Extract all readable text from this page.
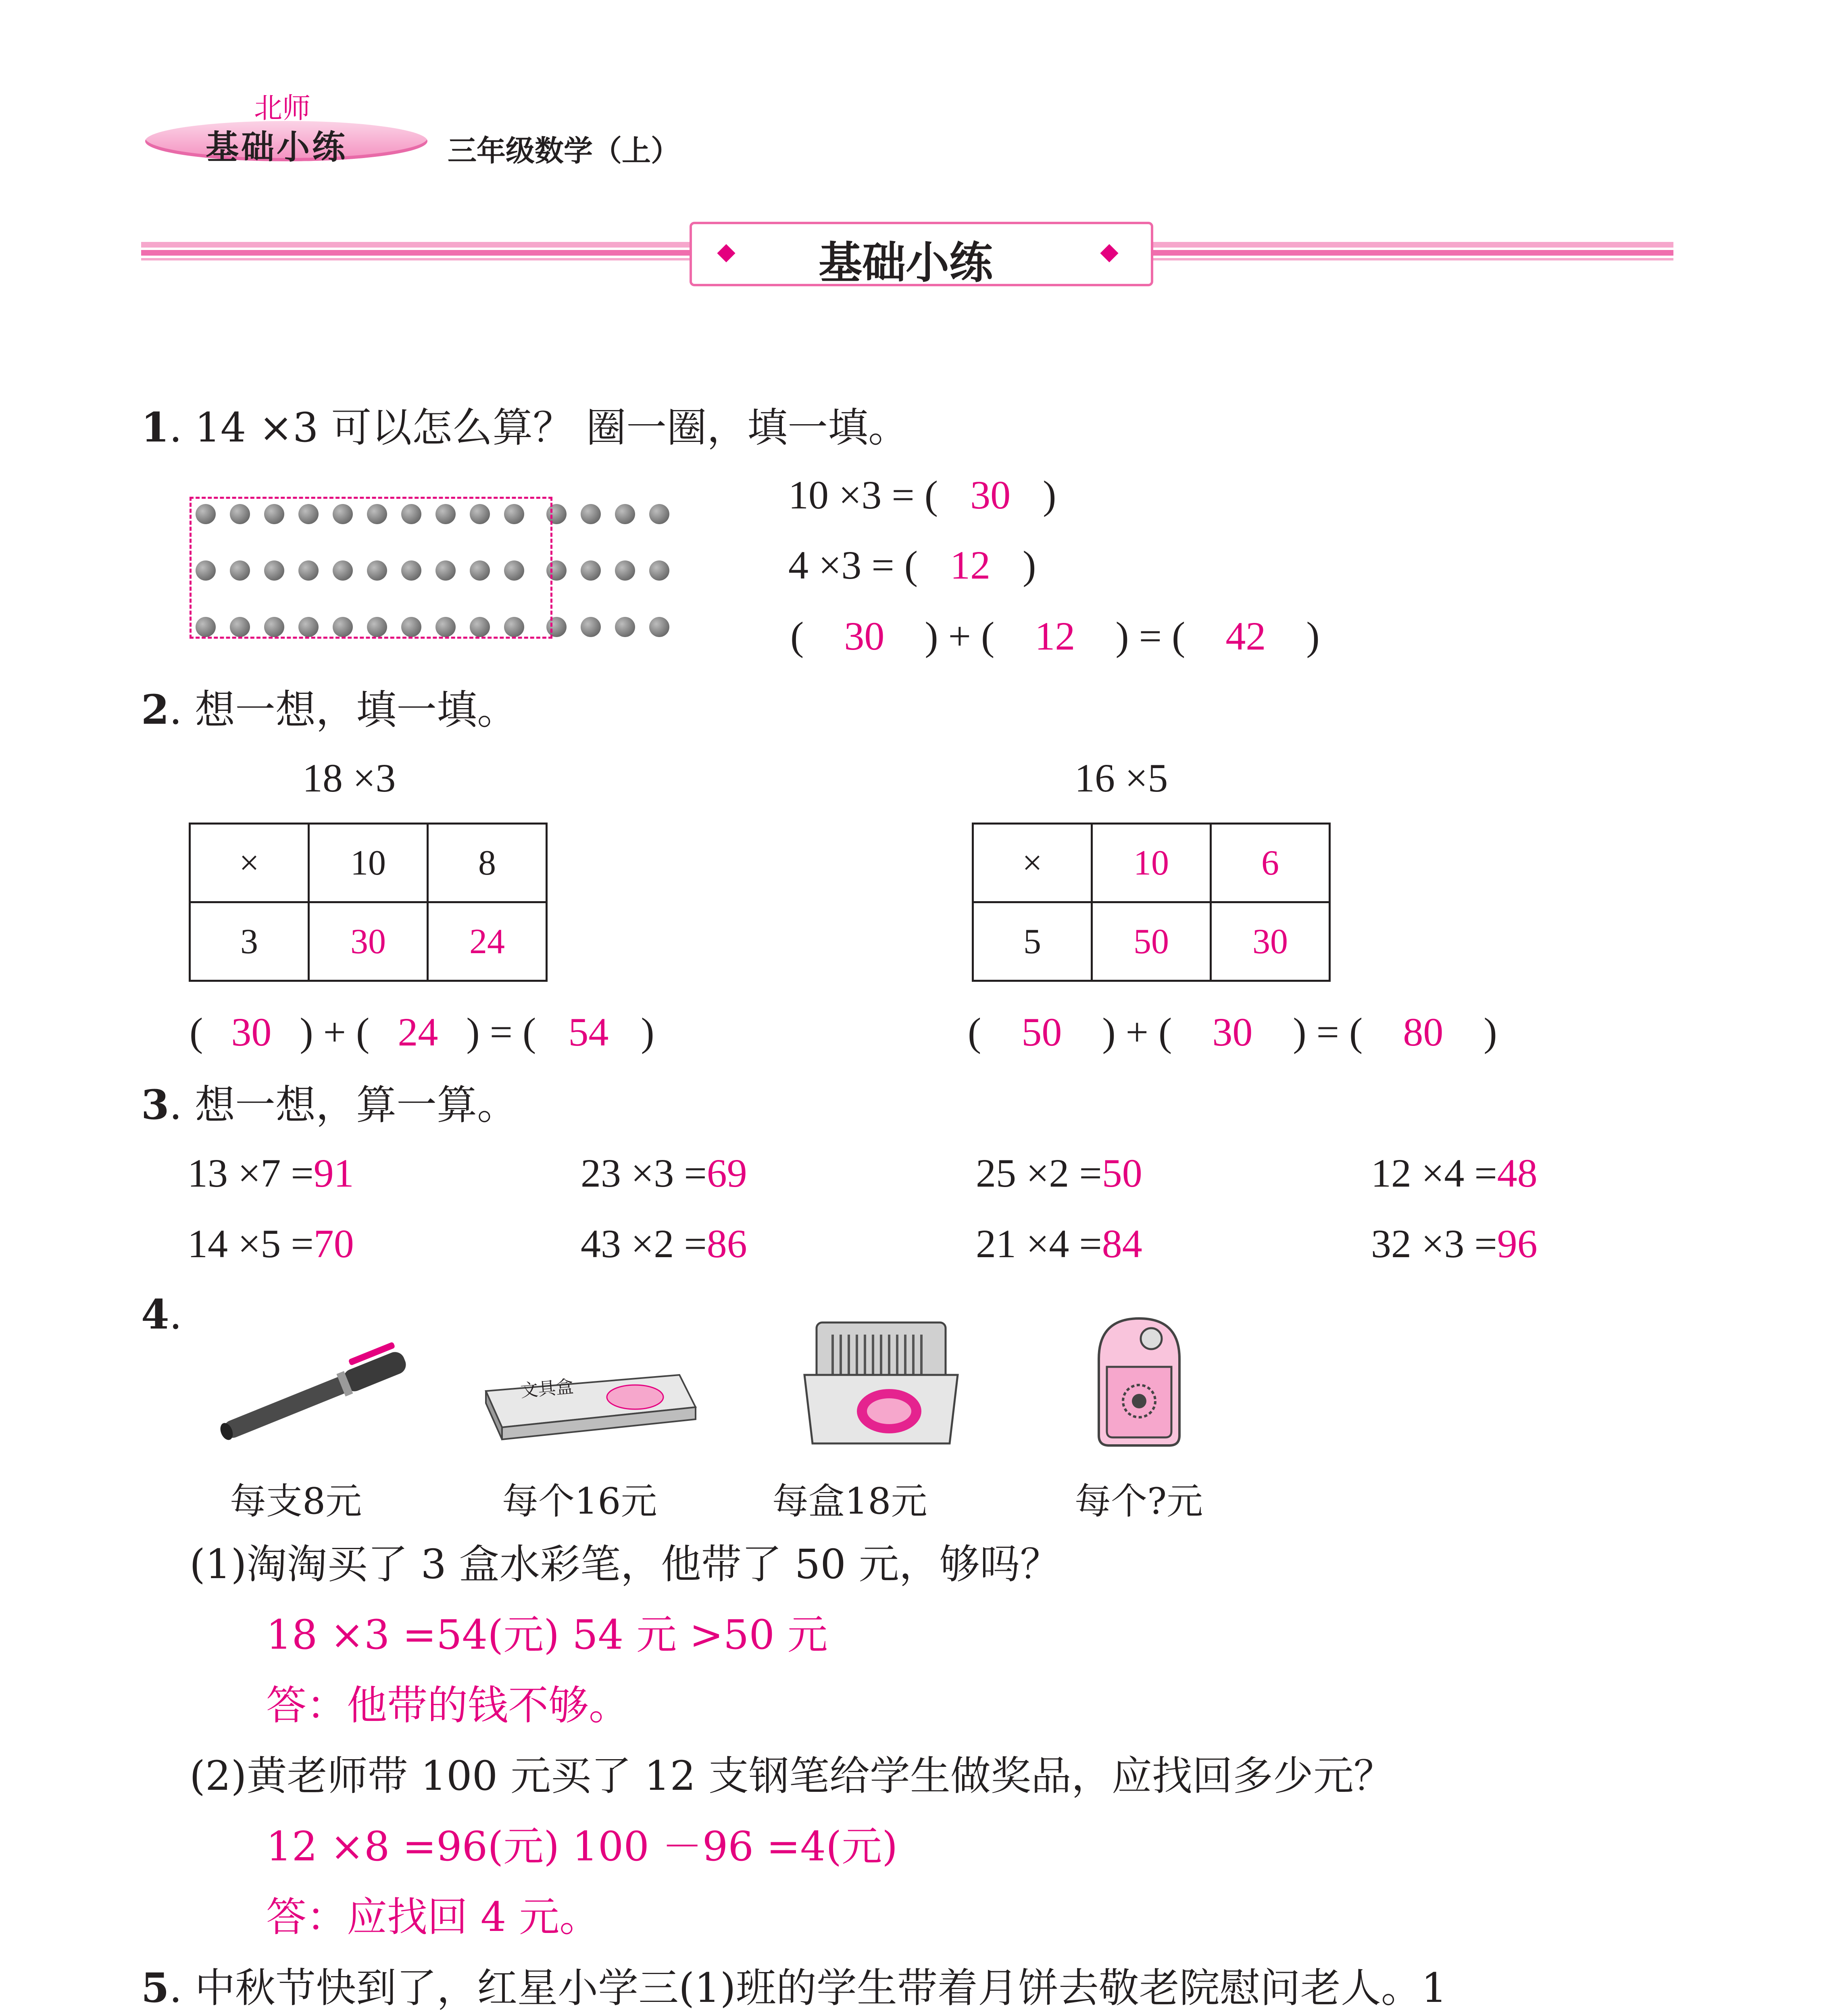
北师
基础小练	三年级数学（上）
基础小练
1. 14 ×3 可以怎么算？ 圈一圈，填一填。
10 ×3 = ( 30 )
4 ×3 = ( 12 )
( 30 ) + ( 12 ) = ( 42 )
2. 想一想，填一填。
18 ×3	16 ×5
×	10	8
3	30	24
×	10	6
5	50	30
( 30 ) + ( 24 ) = ( 54 )	( 50 ) + ( 30 ) = ( 80 )
3. 想一想，算一算。
13 ×7 =91	23 ×3 =69	25 ×2 =50	12 ×4 =48
14 ×5 =70	43 ×2 =86	21 ×4 =84	32 ×3 =96
4.
文具盒
每支8元	每个16元	每盒18元	每个?元
(1)淘淘买了 3 盒水彩笔，他带了 50 元，够吗？
18 ×3 =54(元) 54 元 >50 元
答：他带的钱不够。
(2)黄老师带 100 元买了 12 支钢笔给学生做奖品，应找回多少元？
12 ×8 =96(元) 100 －96 =4(元)
答：应找回 4 元。
5. 中秋节快到了，红星小学三(1)班的学生带着月饼去敬老院慰问老人。1
